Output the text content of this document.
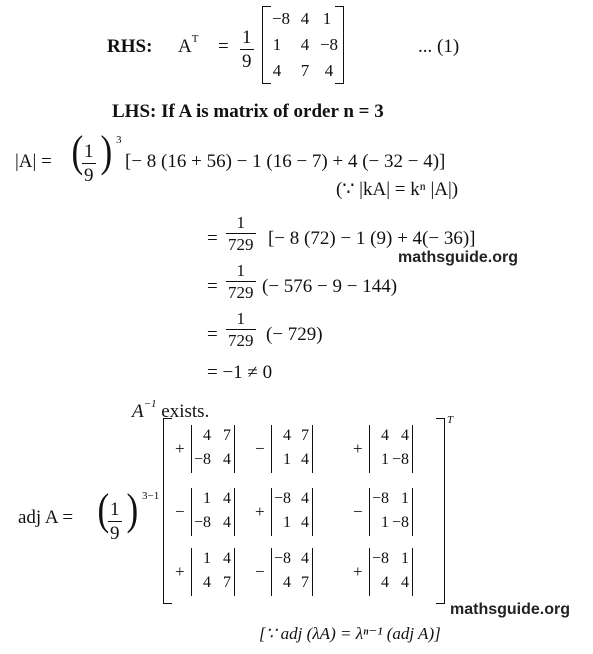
RHS: $A^T = \frac{1}{9}$
−8 4 1
1	4 −8
4	7 4
... (1)
LHS: If A is matrix of order n = 3
|A| = (
$\frac{1}{9}$ ) 3
[− 8 (16 + 56) − 1 (16 − 7) + 4 (− 32 − 4)]
(∵ |kA| = kⁿ |A|)
= $\frac{1}{729}$ [− 8 (72) − 1 (9) + 4(− 36)]
mathsguide.org
= $\frac{1}{729}$ (− 576 − 9 − 144)
= $\frac{1}{729}$ (− 729)
= −1 ≠ 0
$A^{-1}$ exists.
adj A = (
$\frac{1}{9}$ ) 3−1
T
+
4 7
−8 4
−
4 7
1 4
+
4 4
1 −8
−
1 4
−8 4
+
−8 4
1 4
−
−8 1
1 −8
+
1 4
4 7
−
−8 4
4 7
+
−8 1
4 4
mathsguide.org
[∵ adj (λA) = λⁿ⁻¹ (adj A)]
